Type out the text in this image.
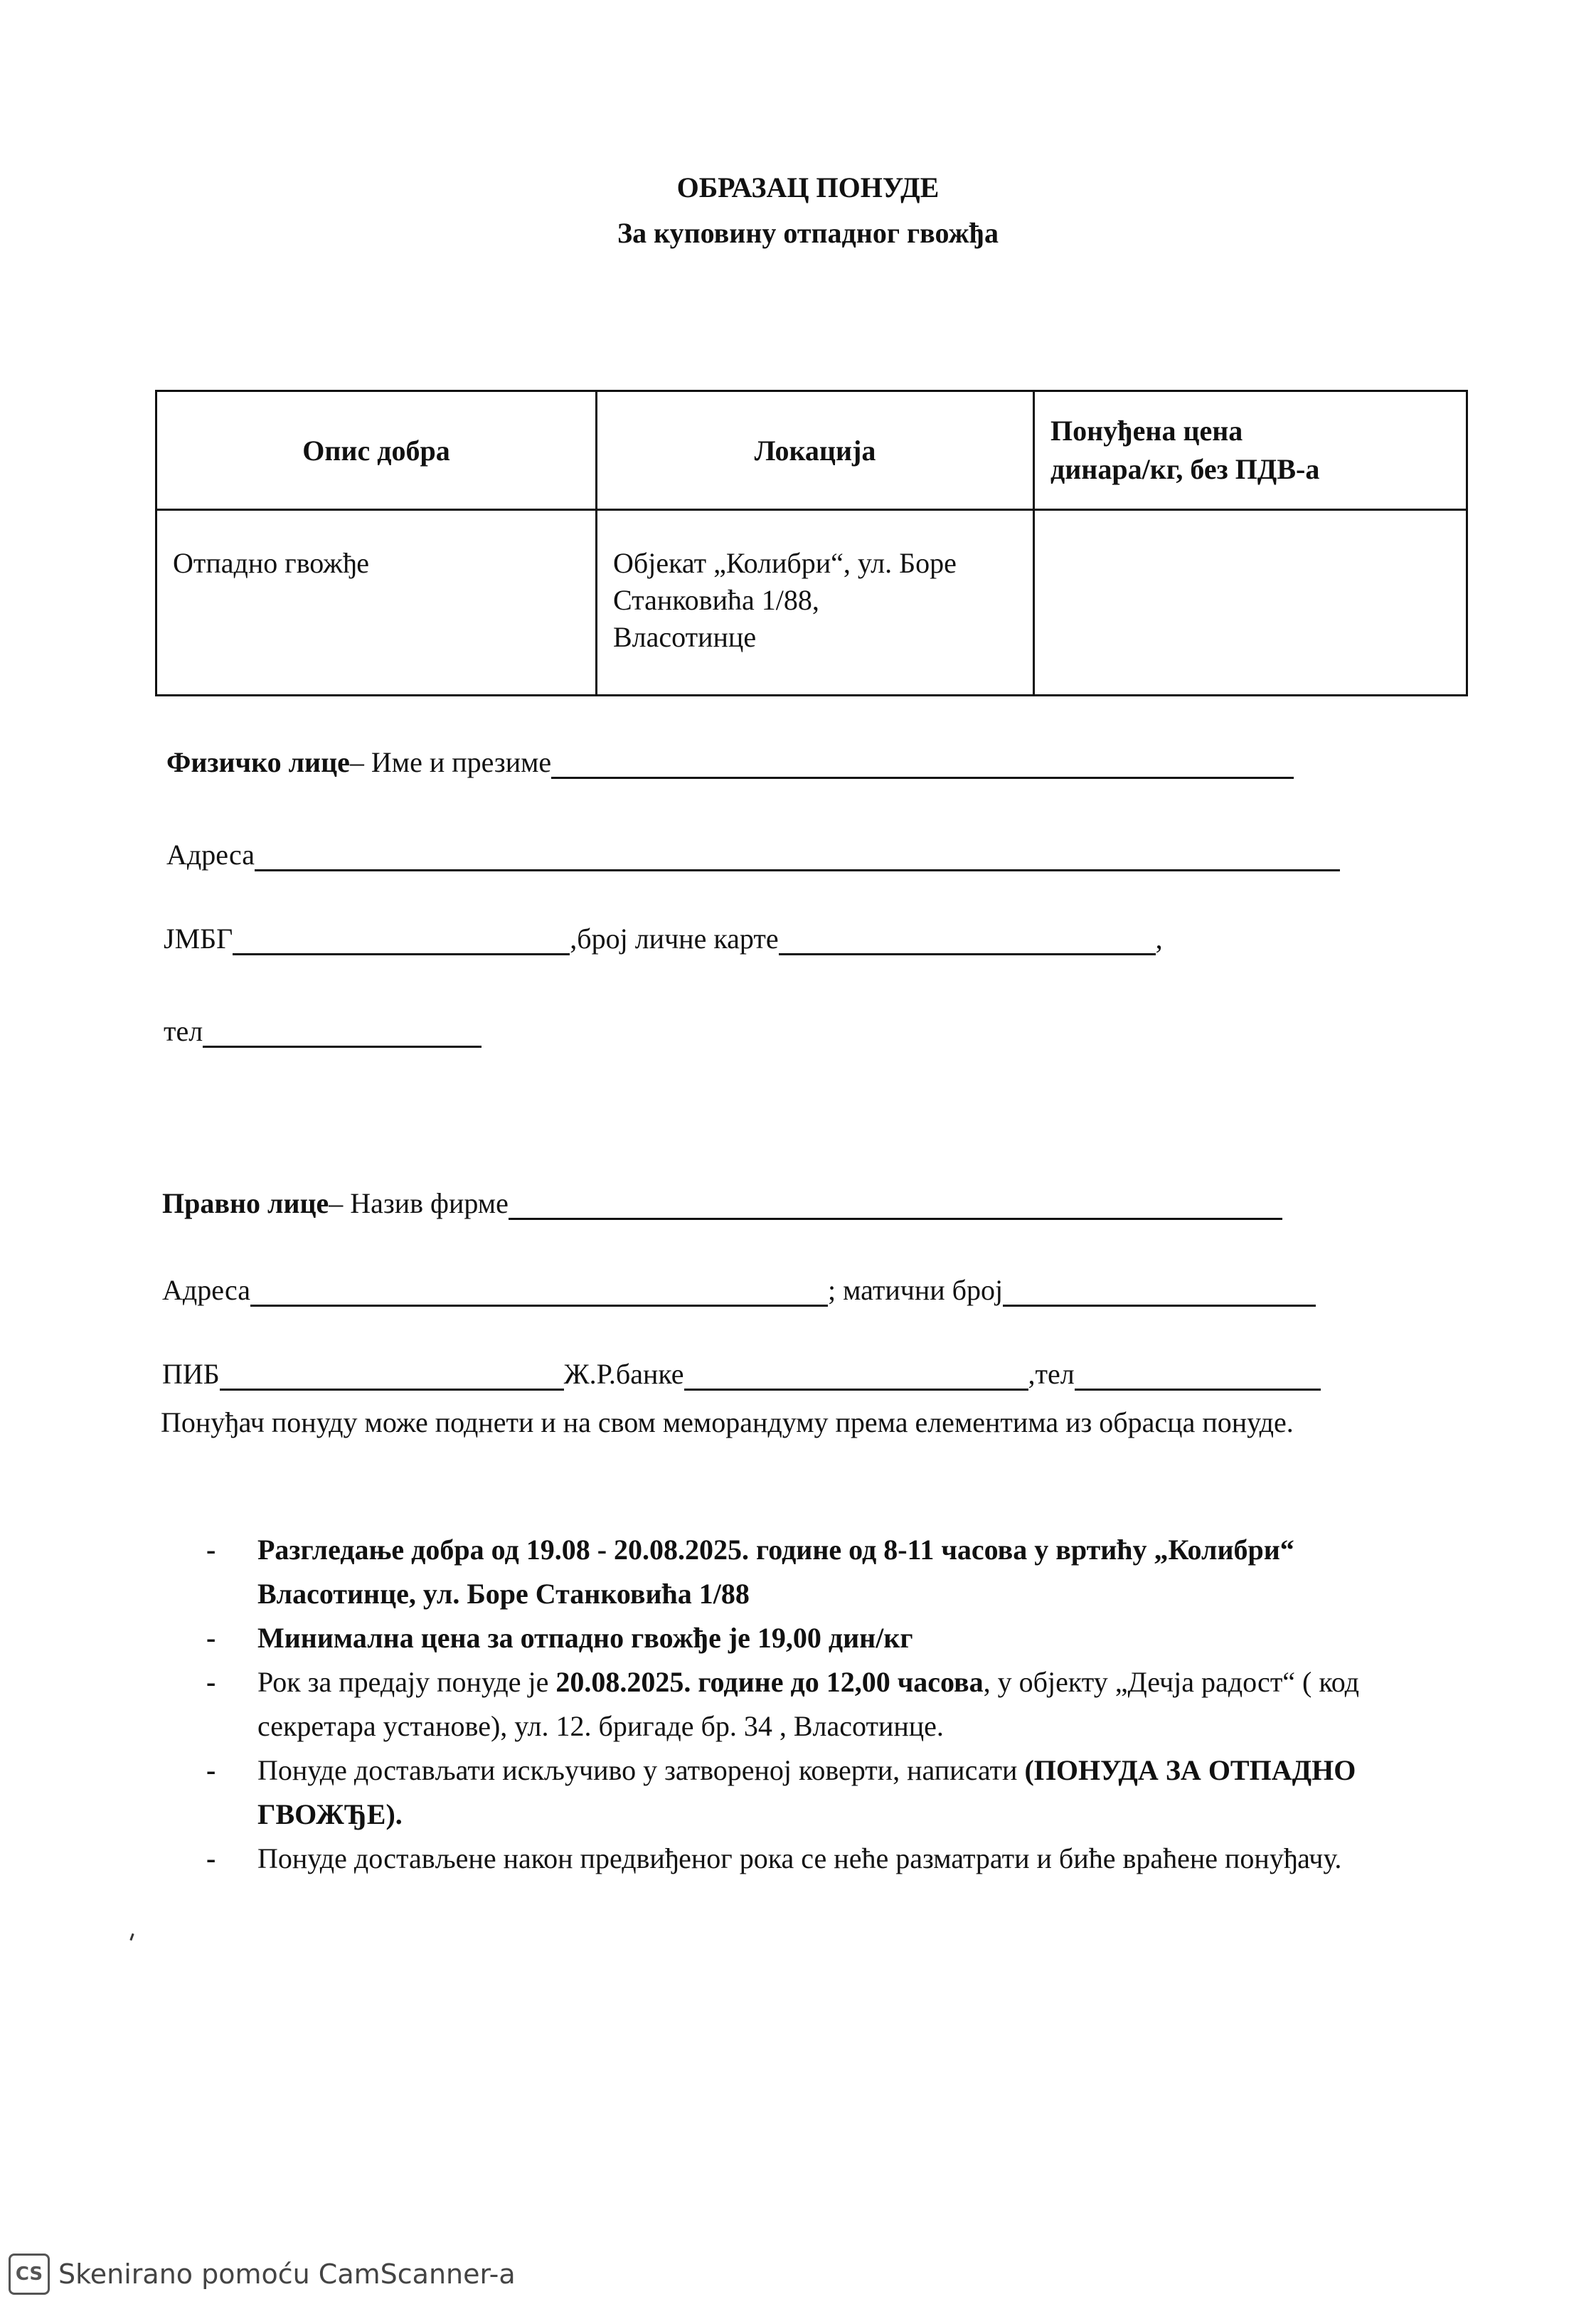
ОБРАЗАЦ ПОНУДЕ
За куповину отпадног гвожђа
Опис добра	Локација	Понуђена цена
динара/кг, без ПДВ-а
Отпадно гвожђе	Објекат „Колибри“, ул. Боре
Станковића 1/88,
Власотинце	
Физичко лице – Име и презиме
Адреса
ЈМБГ	,број личне карте	,
тел
Правно лице – Назив фирме
Адреса	; матични број
ПИБ	Ж.Р.банке	,тел
Понуђач понуду може поднети и на свом меморандуму према елементима из обрасца понуде.
- Разгледање добра од 19.08 - 20.08.2025. године од 8-11 часова у вртићу „Колибри“ Власотинце, ул. Боре Станковића 1/88
- Минимална цена за отпадно гвожђе је 19,00 дин/кг
- Рок за предају понуде је 20.08.2025. године до 12,00 часова, у објекту „Дечја радост“ ( код секретара установе), ул. 12. бригаде бр. 34 , Власотинце.
- Понуде достављати искључиво у затвореној коверти, написати (ПОНУДА ЗА ОТПАДНО ГВОЖЂЕ).
- Понуде достављене након предвиђеног рока се неће разматрати и биће враћене понуђачу.
CS Skenirano pomoću CamScanner-a
